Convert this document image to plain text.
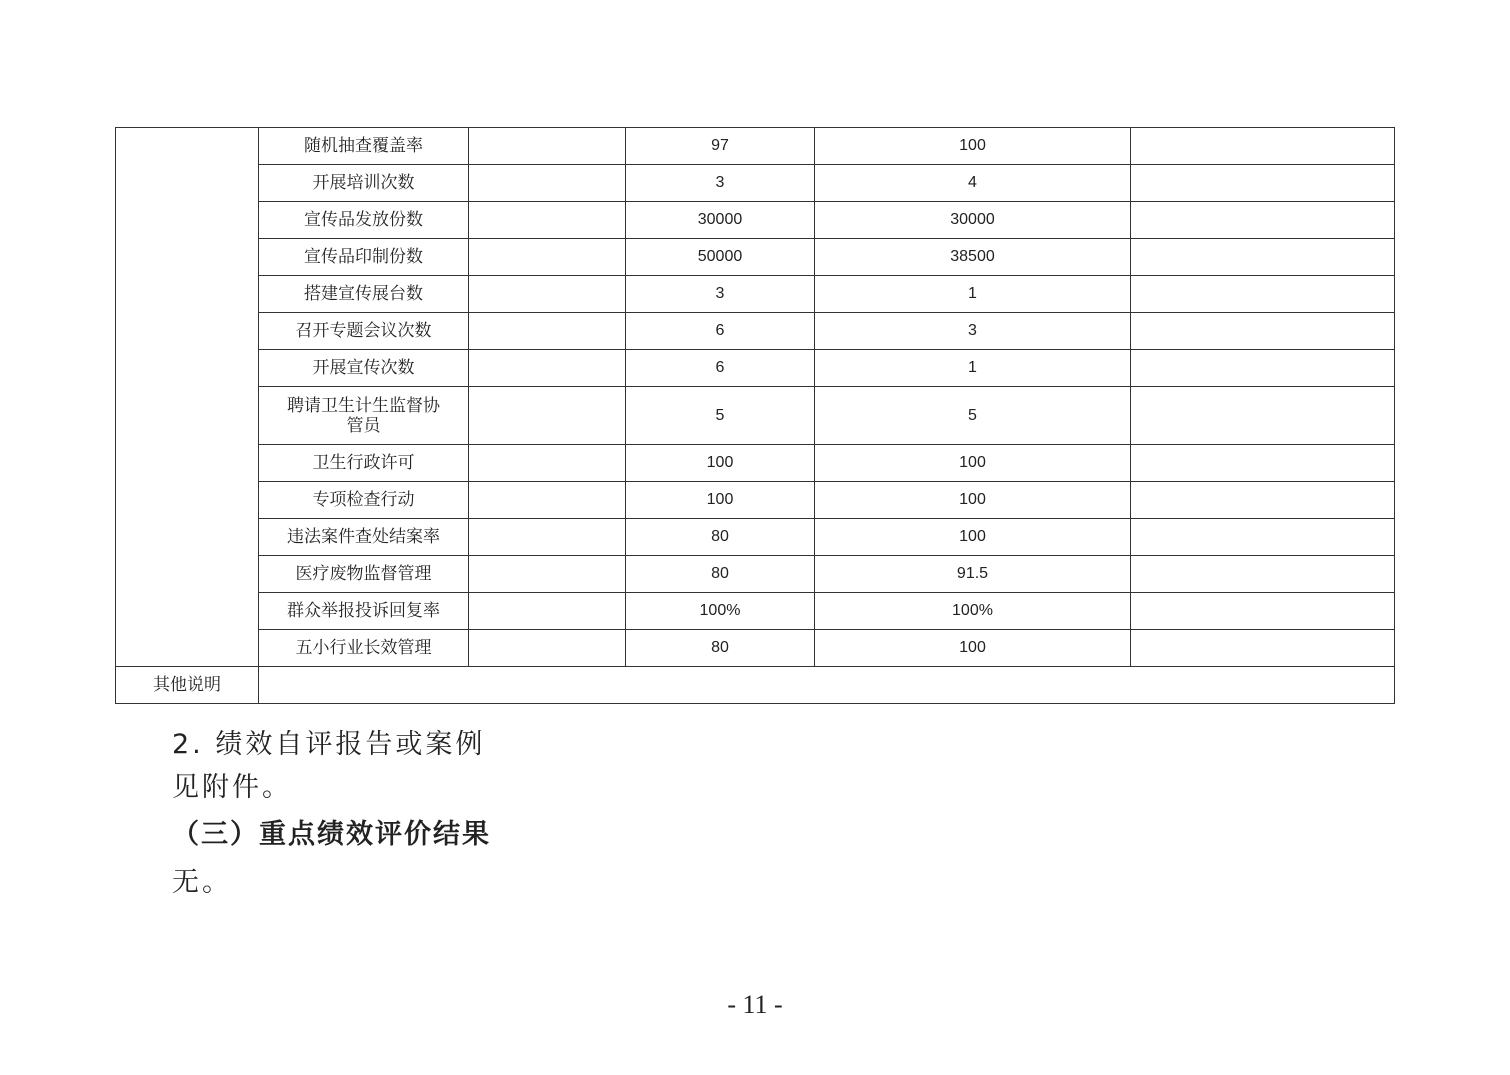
	随机抽查覆盖率		97	100	
	开展培训次数		3	4	
	宣传品发放份数		30000	30000	
	宣传品印制份数		50000	38500	
	搭建宣传展台数		3	1	
	召开专题会议次数		6	3	
	开展宣传次数		6	1	
	聘请卫生计生监督协管员		5	5	
	卫生行政许可		100	100	
	专项检查行动		100	100	
	违法案件查处结案率		80	100	
	医疗废物监督管理		80	91.5	
	群众举报投诉回复率		100%	100%	
	五小行业长效管理		80	100	
其他说明					
2. 绩效自评报告或案例
见附件。
（三）重点绩效评价结果
无。
- 11 -
